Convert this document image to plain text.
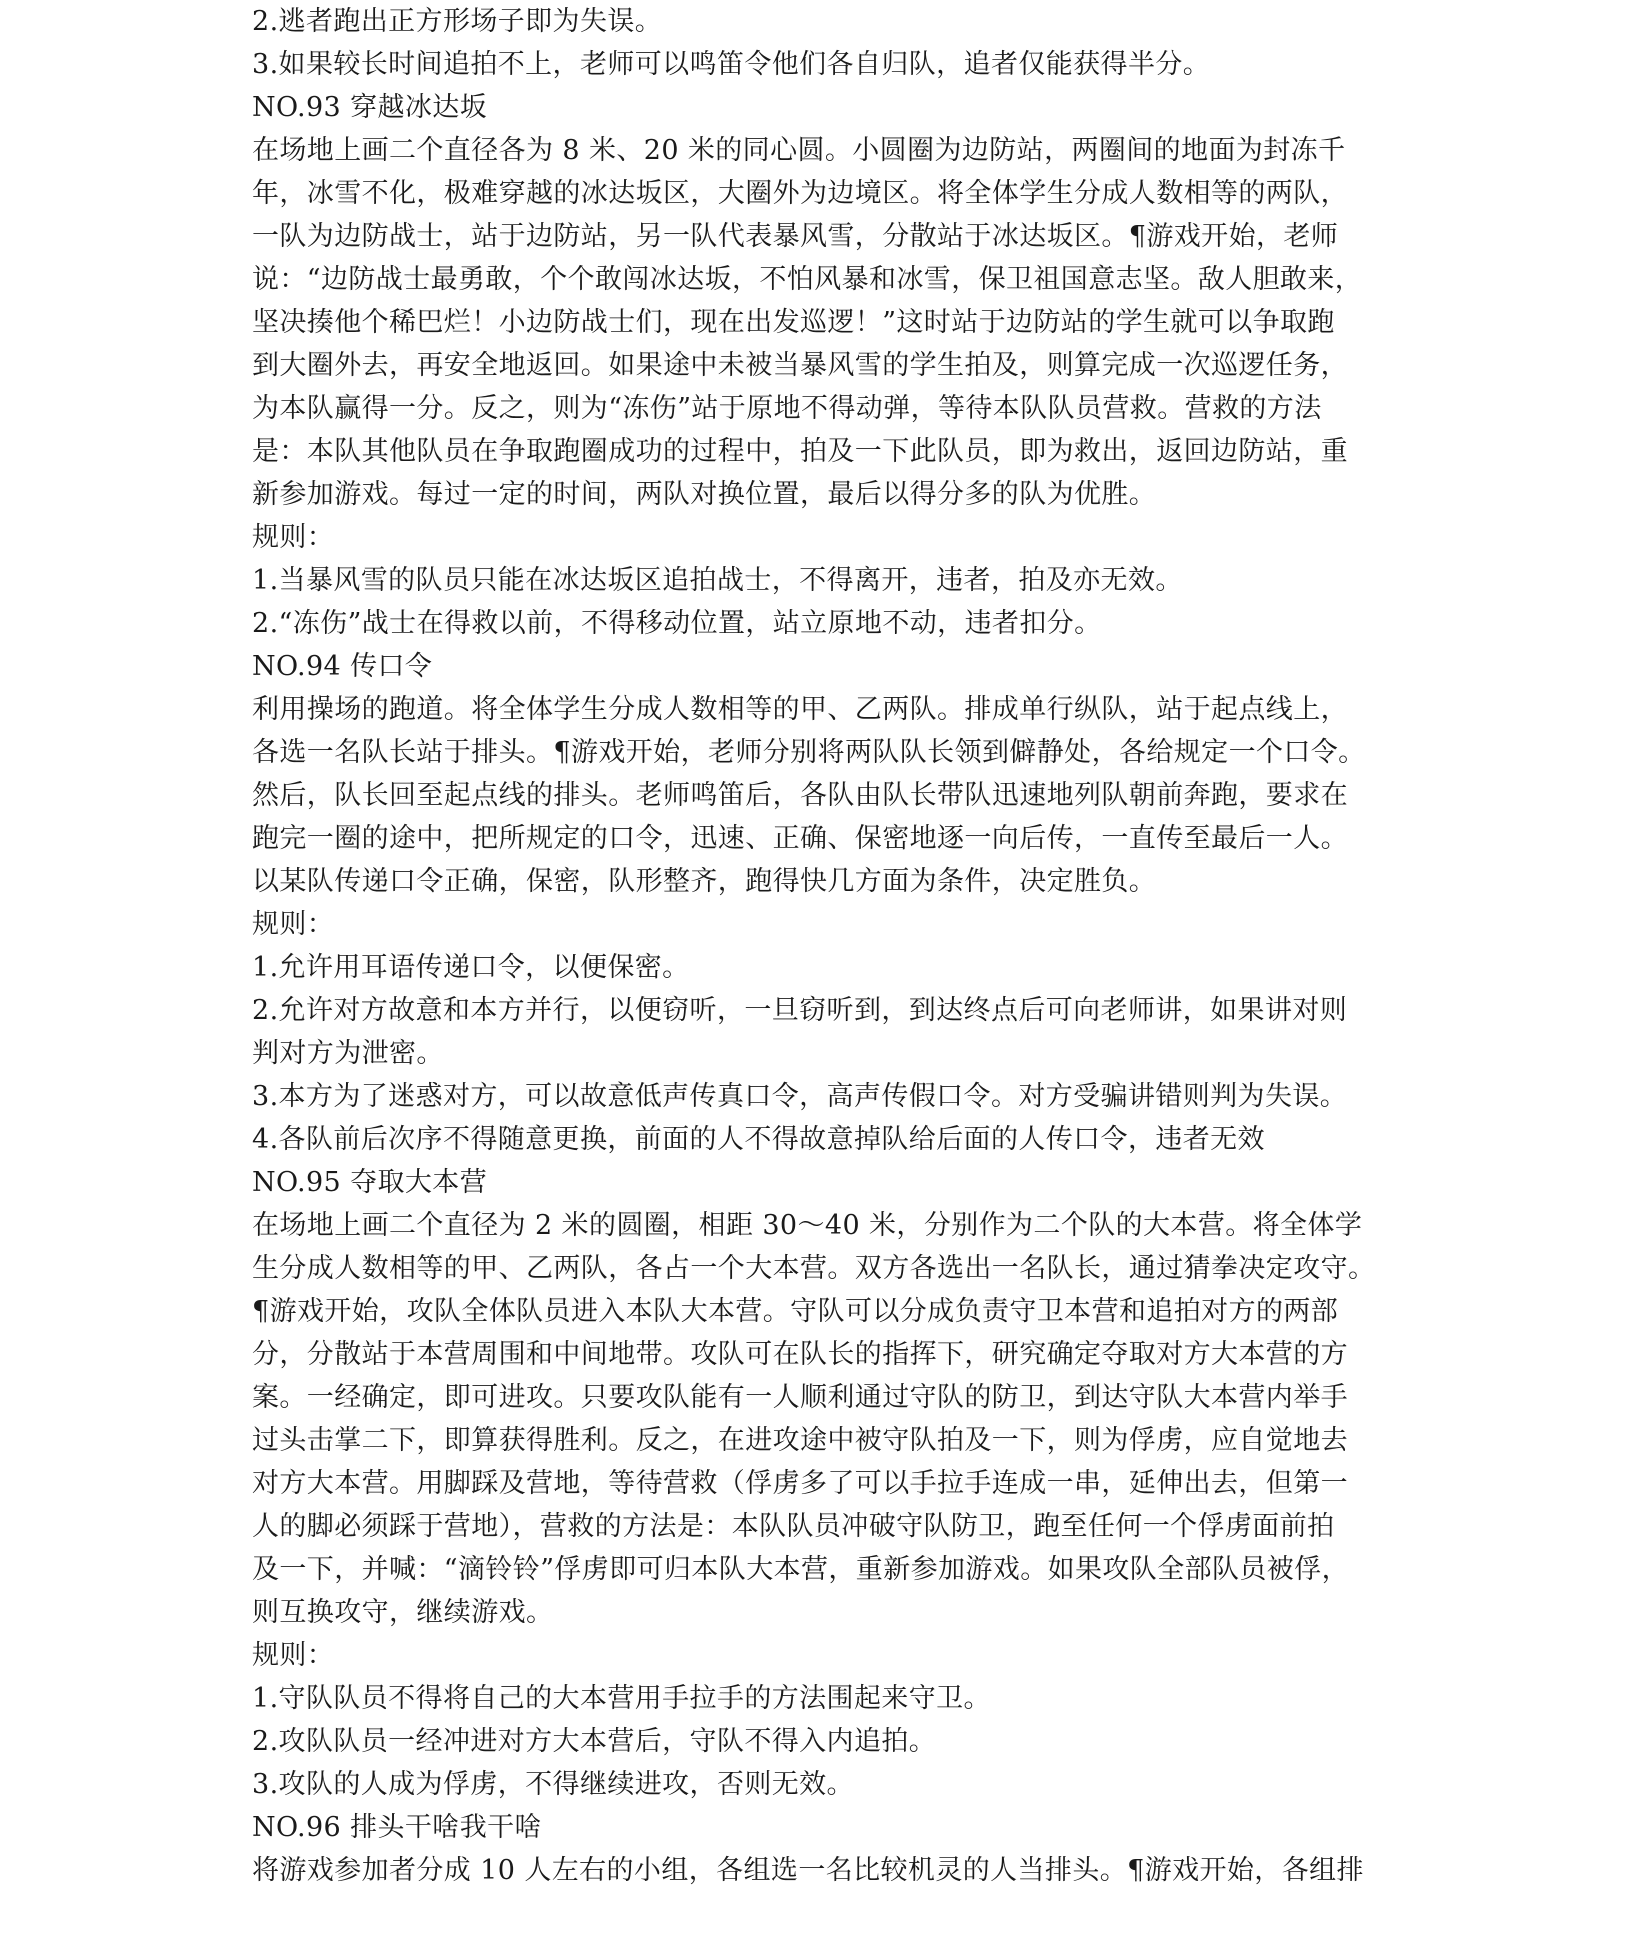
2.逃者跑出正方形场子即为失误。
3.如果较长时间追拍不上，老师可以鸣笛令他们各自归队，追者仅能获得半分。
NO.93 穿越冰达坂
在场地上画二个直径各为 8 米、20 米的同心圆。小圆圈为边防站，两圈间的地面为封冻千
年，冰雪不化，极难穿越的冰达坂区，大圈外为边境区。将全体学生分成人数相等的两队，
一队为边防战士，站于边防站，另一队代表暴风雪，分散站于冰达坂区。¶游戏开始，老师
说：“边防战士最勇敢，个个敢闯冰达坂，不怕风暴和冰雪，保卫祖国意志坚。敌人胆敢来，
坚决揍他个稀巴烂！小边防战士们，现在出发巡逻！”这时站于边防站的学生就可以争取跑
到大圈外去，再安全地返回。如果途中未被当暴风雪的学生拍及，则算完成一次巡逻任务，
为本队赢得一分。反之，则为“冻伤”站于原地不得动弹，等待本队队员营救。营救的方法
是：本队其他队员在争取跑圈成功的过程中，拍及一下此队员，即为救出，返回边防站，重
新参加游戏。每过一定的时间，两队对换位置，最后以得分多的队为优胜。
规则：
1.当暴风雪的队员只能在冰达坂区追拍战士，不得离开，违者，拍及亦无效。
2.“冻伤”战士在得救以前，不得移动位置，站立原地不动，违者扣分。
NO.94 传口令
利用操场的跑道。将全体学生分成人数相等的甲、乙两队。排成单行纵队，站于起点线上，
各选一名队长站于排头。¶游戏开始，老师分别将两队队长领到僻静处，各给规定一个口令。
然后，队长回至起点线的排头。老师鸣笛后，各队由队长带队迅速地列队朝前奔跑，要求在
跑完一圈的途中，把所规定的口令，迅速、正确、保密地逐一向后传，一直传至最后一人。
以某队传递口令正确，保密，队形整齐，跑得快几方面为条件，决定胜负。
规则：
1.允许用耳语传递口令，以便保密。
2.允许对方故意和本方并行，以便窃听，一旦窃听到，到达终点后可向老师讲，如果讲对则
判对方为泄密。
3.本方为了迷惑对方，可以故意低声传真口令，高声传假口令。对方受骗讲错则判为失误。
4.各队前后次序不得随意更换，前面的人不得故意掉队给后面的人传口令，违者无效
NO.95 夺取大本营
在场地上画二个直径为 2 米的圆圈，相距 30～40 米，分别作为二个队的大本营。将全体学
生分成人数相等的甲、乙两队，各占一个大本营。双方各选出一名队长，通过猜拳决定攻守。
¶游戏开始，攻队全体队员进入本队大本营。守队可以分成负责守卫本营和追拍对方的两部
分，分散站于本营周围和中间地带。攻队可在队长的指挥下，研究确定夺取对方大本营的方
案。一经确定，即可进攻。只要攻队能有一人顺利通过守队的防卫，到达守队大本营内举手
过头击掌二下，即算获得胜利。反之，在进攻途中被守队拍及一下，则为俘虏，应自觉地去
对方大本营。用脚踩及营地，等待营救（俘虏多了可以手拉手连成一串，延伸出去，但第一
人的脚必须踩于营地），营救的方法是：本队队员冲破守队防卫，跑至任何一个俘虏面前拍
及一下，并喊：“滴铃铃”俘虏即可归本队大本营，重新参加游戏。如果攻队全部队员被俘，
则互换攻守，继续游戏。
规则：
1.守队队员不得将自己的大本营用手拉手的方法围起来守卫。
2.攻队队员一经冲进对方大本营后，守队不得入内追拍。
3.攻队的人成为俘虏，不得继续进攻，否则无效。
NO.96 排头干啥我干啥
将游戏参加者分成 10 人左右的小组，各组选一名比较机灵的人当排头。¶游戏开始，各组排
